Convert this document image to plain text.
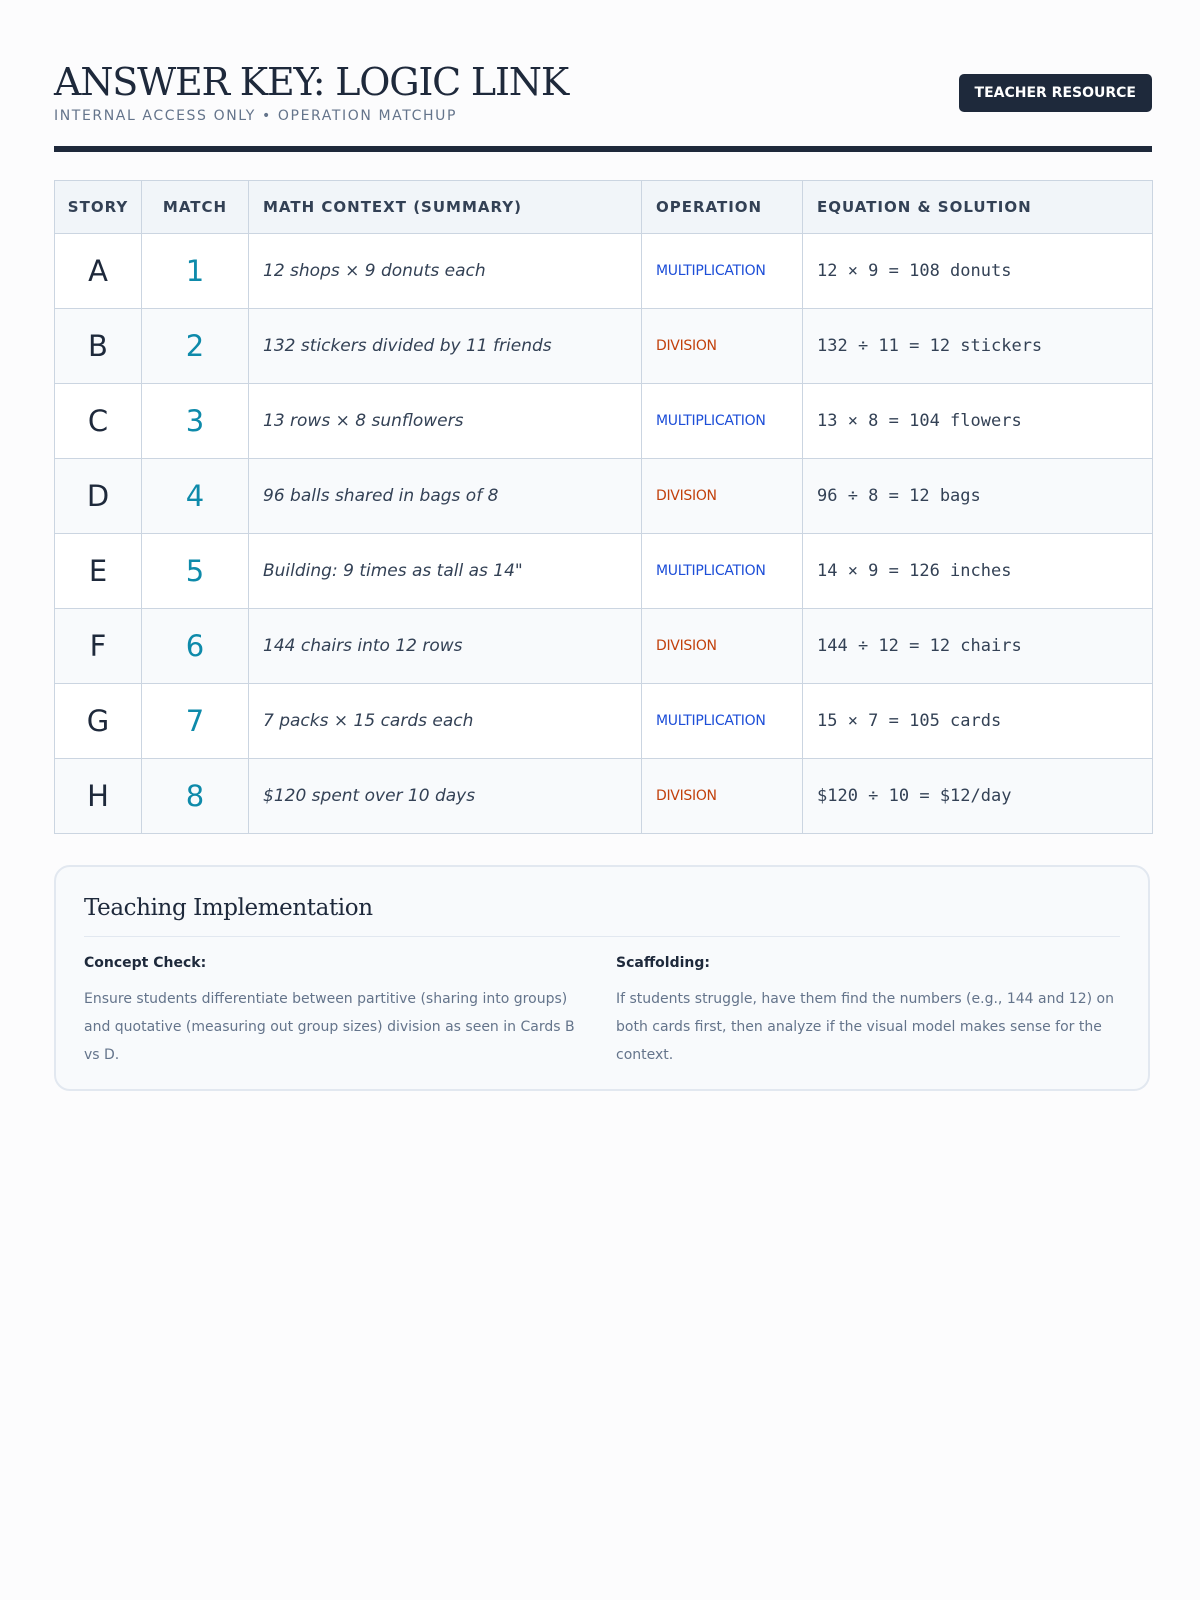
ANSWER KEY: LOGIC LINK
INTERNAL ACCESS ONLY • OPERATION MATCHUP
TEACHER RESOURCE
STORY	MATCH	MATH CONTEXT (SUMMARY)	OPERATION	EQUATION & SOLUTION
A	1	12 shops × 9 donuts each	MULTIPLICATION	12 × 9 = 108 donuts
B	2	132 stickers divided by 11 friends	DIVISION	132 ÷ 11 = 12 stickers
C	3	13 rows × 8 sunflowers	MULTIPLICATION	13 × 8 = 104 flowers
D	4	96 balls shared in bags of 8	DIVISION	96 ÷ 8 = 12 bags
E	5	Building: 9 times as tall as 14"	MULTIPLICATION	14 × 9 = 126 inches
F	6	144 chairs into 12 rows	DIVISION	144 ÷ 12 = 12 chairs
G	7	7 packs × 15 cards each	MULTIPLICATION	15 × 7 = 105 cards
H	8	$120 spent over 10 days	DIVISION	$120 ÷ 10 = $12/day
Teaching Implementation
Concept Check:
Ensure students differentiate between partitive (sharing into groups) and quotative (measuring out group sizes) division as seen in Cards B vs D.
Scaffolding:
If students struggle, have them find the numbers (e.g., 144 and 12) on both cards first, then analyze if the visual model makes sense for the context.
